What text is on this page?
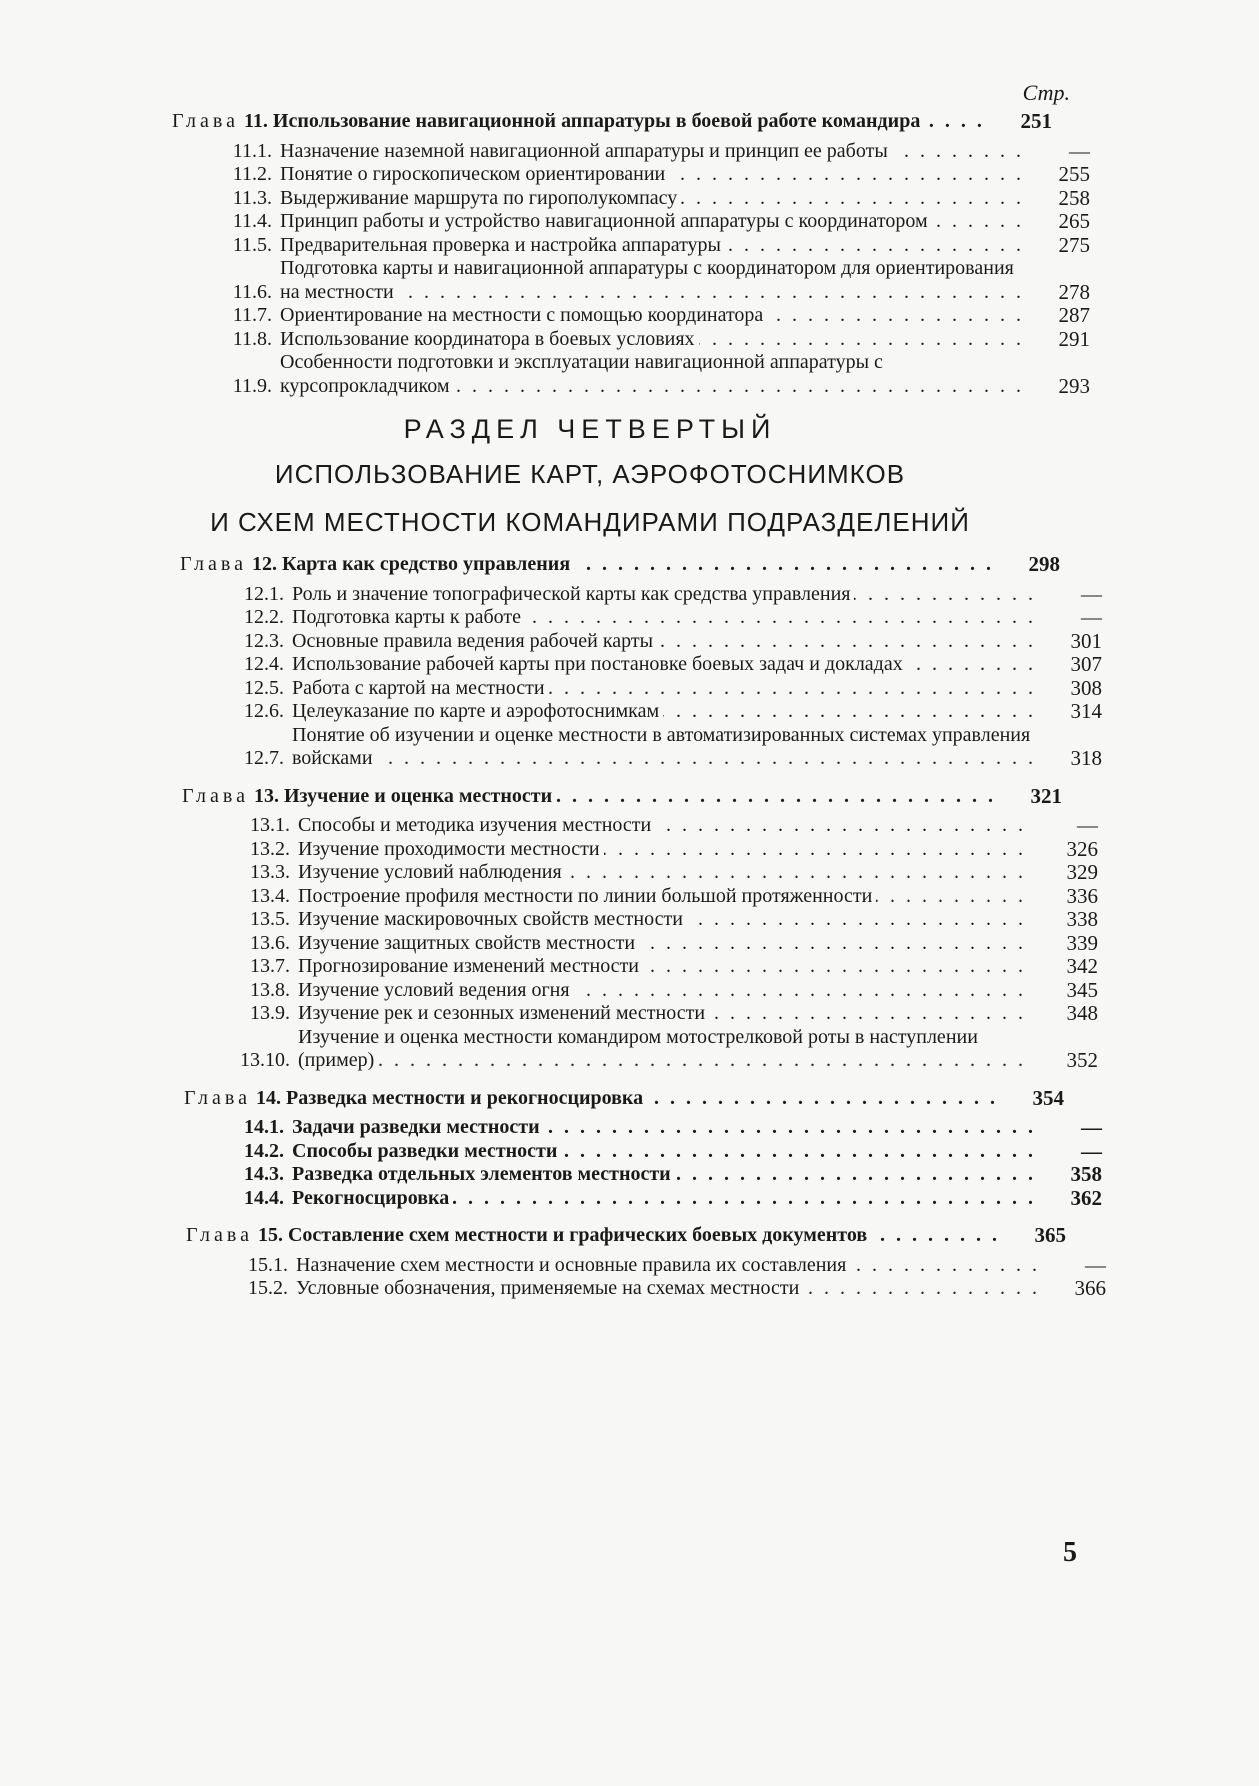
Стр.
Глава 11. Использование навигационной аппаратуры в боевой работе командира . . .	251
11.1. Назначение наземной навигационной аппаратуры и принцип ее работы . . .	—
11.2. Понятие о гироскопическом ориентировании . . .	255
11.3. Выдерживание маршрута по гирополукомпасу . . .	258
11.4. Принцип работы и устройство навигационной аппаратуры с координатором . . .	265
11.5. Предварительная проверка и настройка аппаратуры . . .	275
11.6.
Подготовка карты и навигационной аппаратуры с координатором для ориентирования на местности . . .	278
11.7. Ориентирование на местности с помощью координатора . . .	287
11.8. Использование координатора в боевых условиях . . .	291
11.9.
Особенности подготовки и эксплуатации навигационной аппаратуры с курсопрокладчиком . . .	293
РАЗДЕЛ ЧЕТВЕРТЫЙ
ИСПОЛЬЗОВАНИЕ КАРТ, АЭРОФОТОСНИМКОВ
И СХЕМ МЕСТНОСТИ КОМАНДИРАМИ ПОДРАЗДЕЛЕНИЙ
Глава 12. Карта как средство управления . . .	298
12.1. Роль и значение топографической карты как средства управления . . .	—
12.2. Подготовка карты к работе . . .	—
12.3. Основные правила ведения рабочей карты . . .	301
12.4. Использование рабочей карты при постановке боевых задач и докладах . . .	307
12.5. Работа с картой на местности . . .	308
12.6. Целеуказание по карте и аэрофотоснимкам . . .	314
12.7.
Понятие об изучении и оценке местности в автоматизированных системах управления войсками . . .	318
Глава 13. Изучение и оценка местности . . .	321
13.1. Способы и методика изучения местности . . .	—
13.2. Изучение проходимости местности . . .	326
13.3. Изучение условий наблюдения . . .	329
13.4. Построение профиля местности по линии большой протяженности . . .	336
13.5. Изучение маскировочных свойств местности . . .	338
13.6. Изучение защитных свойств местности . . .	339
13.7. Прогнозирование изменений местности . . .	342
13.8. Изучение условий ведения огня . . .	345
13.9. Изучение рек и сезонных изменений местности . . .	348
13.10.
Изучение и оценка местности командиром мотострелковой роты в наступлении (пример) . . .	352
Глава 14. Разведка местности и рекогносцировка . . .	354
14.1. Задачи разведки местности . . .	—
14.2. Способы разведки местности . . .	—
14.3. Разведка отдельных элементов местности . . .	358
14.4. Рекогносцировка . . .	362
Глава 15. Составление схем местности и графических боевых документов . . .	365
15.1. Назначение схем местности и основные правила их составления . . .	—
15.2. Условные обозначения, применяемые на схемах местности . . .	366
5
